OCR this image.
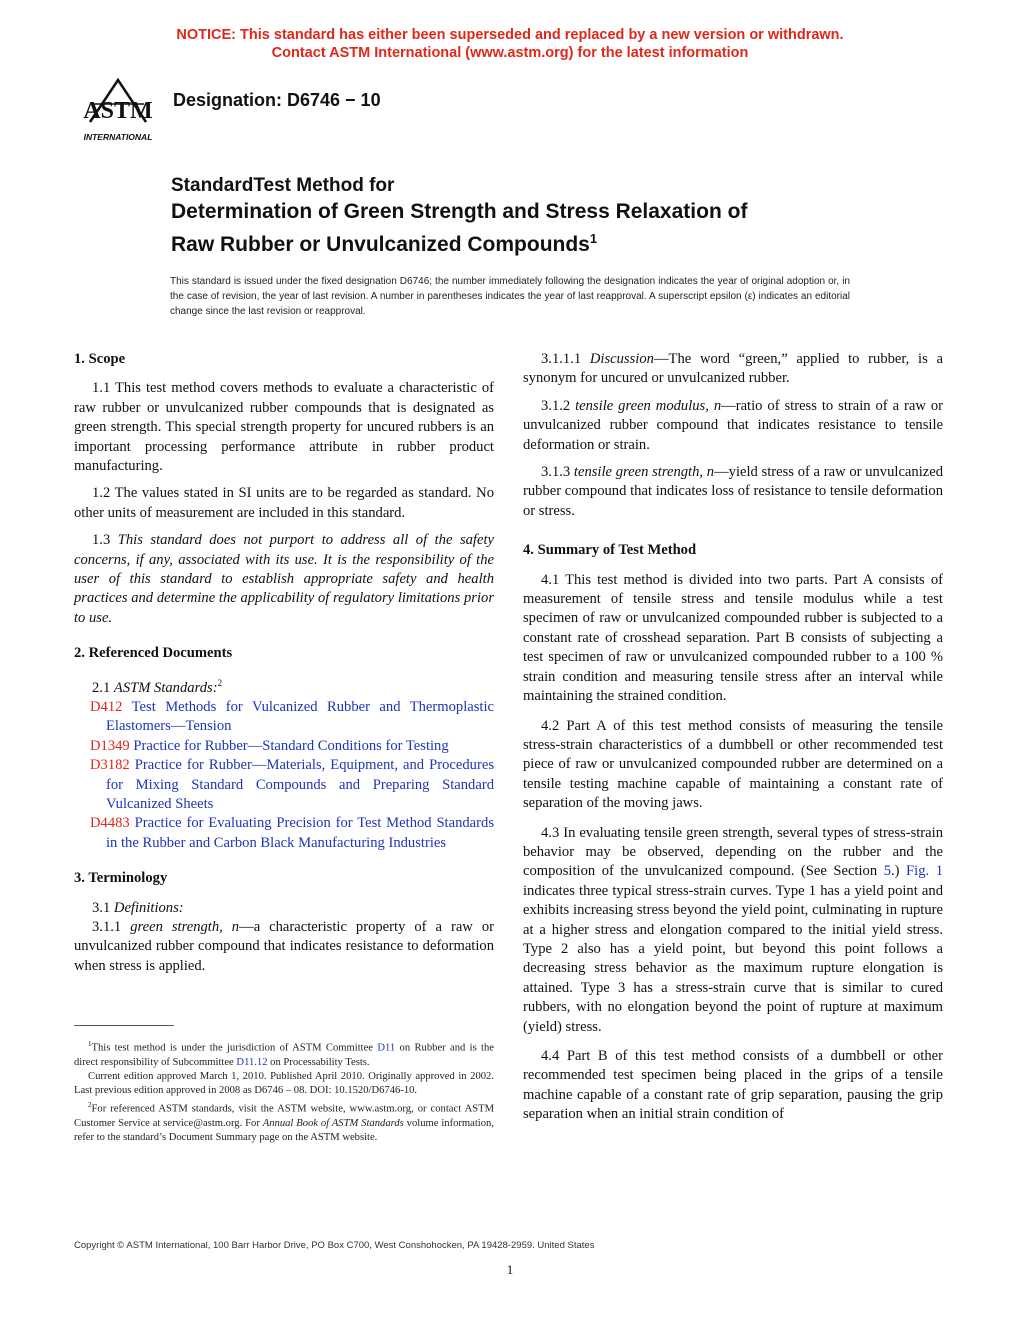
NOTICE: This standard has either been superseded and replaced by a new version or withdrawn.
Contact ASTM International (www.astm.org) for the latest information
ASTM
INTERNATIONAL
Designation: D6746 − 10
StandardTest Method for
Determination of Green Strength and Stress Relaxation of
Raw Rubber or Unvulcanized Compounds$^1$
This standard is issued under the fixed designation D6746; the number immediately following the designation indicates the year of original adoption or, in the case of revision, the year of last revision. A number in parentheses indicates the year of last reapproval. A superscript epsilon (ε) indicates an editorial change since the last revision or reapproval.

1. Scope

1.1 This test method covers methods to evaluate a characteristic of raw rubber or unvulcanized rubber compounds that is designated as green strength. This special strength property for uncured rubbers is an important processing performance attribute in rubber product manufacturing.

1.2 The values stated in SI units are to be regarded as standard. No other units of measurement are included in this standard.

1.3 This standard does not purport to address all of the safety concerns, if any, associated with its use. It is the responsibility of the user of this standard to establish appropriate safety and health practices and determine the applicability of regulatory limitations prior to use.

2. Referenced Documents

2.1 ASTM Standards:$^2$

D412 Test Methods for Vulcanized Rubber and Thermoplastic Elastomers—Tension

D1349 Practice for Rubber—Standard Conditions for Testing

D3182 Practice for Rubber—Materials, Equipment, and Procedures for Mixing Standard Compounds and Preparing Standard Vulcanized Sheets

D4483 Practice for Evaluating Precision for Test Method Standards in the Rubber and Carbon Black Manufacturing Industries

3. Terminology

3.1 Definitions:

3.1.1 green strength, n—a characteristic property of a raw or unvulcanized rubber compound that indicates resistance to deformation when stress is applied.

3.1.1.1 Discussion—The word “green,” applied to rubber, is a synonym for uncured or unvulcanized rubber.

3.1.2 tensile green modulus, n—ratio of stress to strain of a raw or unvulcanized rubber compound that indicates resistance to tensile deformation or strain.

3.1.3 tensile green strength, n—yield stress of a raw or unvulcanized rubber compound that indicates loss of resistance to tensile deformation or stress.

4. Summary of Test Method

4.1 This test method is divided into two parts. Part A consists of measurement of tensile stress and tensile modulus while a test specimen of raw or unvulcanized compounded rubber is subjected to a constant rate of crosshead separation. Part B consists of subjecting a test specimen of raw or unvulcanized compounded rubber to a 100 % strain condition and measuring tensile stress after an interval while maintaining the strained condition.

4.2 Part A of this test method consists of measuring the tensile stress-strain characteristics of a dumbbell or other recommended test piece of raw or unvulcanized compounded rubber are determined on a tensile testing machine capable of maintaining a constant rate of separation of the moving jaws.

4.3 In evaluating tensile green strength, several types of stress-strain behavior may be observed, depending on the rubber and the composition of the unvulcanized compound. (See Section 5.) Fig. 1 indicates three typical stress-strain curves. Type 1 has a yield point and exhibits increasing stress beyond the yield point, culminating in rupture at a higher stress and elongation compared to the initial yield stress. Type 2 also has a yield point, but beyond this point follows a decreasing stress behavior as the maximum rupture elongation is attained. Type 3 has a stress-strain curve that is similar to cured rubbers, with no elongation beyond the point of rupture at maximum (yield) stress.

4.4 Part B of this test method consists of a dumbbell or other recommended test specimen being placed in the grips of a tensile machine capable of a constant rate of grip separation, pausing the grip separation when an initial strain condition of

$^1$This test method is under the jurisdiction of ASTM Committee D11 on Rubber and is the direct responsibility of Subcommittee D11.12 on Processability Tests.

Current edition approved March 1, 2010. Published April 2010. Originally approved in 2002. Last previous edition approved in 2008 as D6746 – 08. DOI: 10.1520/D6746-10.

$^2$For referenced ASTM standards, visit the ASTM website, www.astm.org, or contact ASTM Customer Service at service@astm.org. For Annual Book of ASTM Standards volume information, refer to the standard’s Document Summary page on the ASTM website.

Copyright © ASTM International, 100 Barr Harbor Drive, PO Box C700, West Conshohocken, PA 19428-2959. United States
1
